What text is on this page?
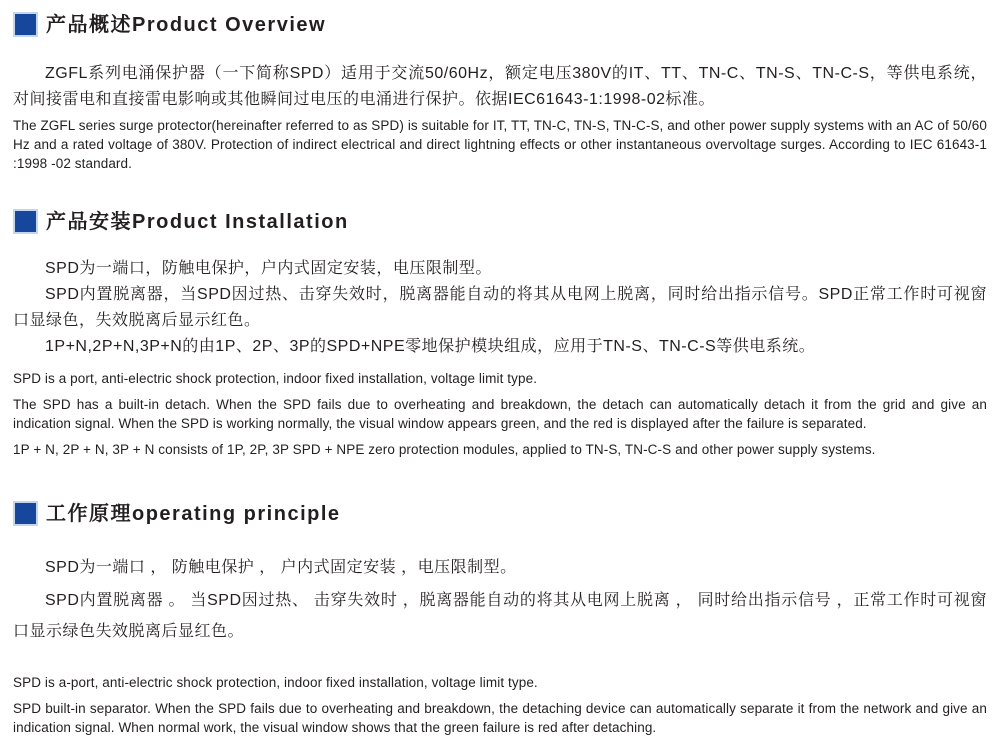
产品概述Product Overview

ZGFL系列电涌保护器（一下简称SPD）适用于交流50/60Hz，额定电压380V的IT、TT、TN-C、TN-S、TN-C-S，等供电系统，对间接雷电和直接雷电影响或其他瞬间过电压的电涌进行保护。依据IEC61643-1:1998-02标准。

The ZGFL series surge protector(hereinafter referred to as SPD) is suitable for IT, TT, TN-C, TN-S, TN-C-S, and other power supply systems with an AC of 50/60 Hz and a rated voltage of 380V. Protection of indirect electrical and direct lightning effects or other instantaneous overvoltage surges. According to IEC 61643-1 :1998 -02 standard.

产品安装Product Installation

SPD为一端口，防触电保护，户内式固定安装，电压限制型。

SPD内置脱离器，当SPD因过热、击穿失效时，脱离器能自动的将其从电网上脱离，同时给出指示信号。SPD正常工作时可视窗口显绿色，失效脱离后显示红色。

1P+N,2P+N,3P+N的由1P、2P、3P的SPD+NPE零地保护模块组成，应用于TN-S、TN-C-S等供电系统。

SPD is a port, anti-electric shock protection, indoor fixed installation, voltage limit type.

The SPD has a built-in detach. When the SPD fails due to overheating and breakdown, the detach can automatically detach it from the grid and give an indication signal. When the SPD is working normally, the visual window appears green, and the red is displayed after the failure is separated.

1P + N, 2P + N, 3P + N consists of 1P, 2P, 3P SPD + NPE zero protection modules, applied to TN-S, TN-C-S and other power supply systems.

工作原理operating principle

SPD为一端口 ， 防触电保护 ， 户内式固定安装 ，电压限制型。

SPD内置脱离器 。 当SPD因过热、 击穿失效时 ，脱离器能自动的将其从电网上脱离 ， 同时给出指示信号 ，正常工作时可视窗口显示绿色失效脱离后显红色。

SPD is a-port, anti-electric shock protection, indoor fixed installation, voltage limit type.

SPD built-in separator. When the SPD fails due to overheating and breakdown, the detaching device can automatically separate it from the network and give an indication signal. When normal work, the visual window shows that the green failure is red after detaching.
